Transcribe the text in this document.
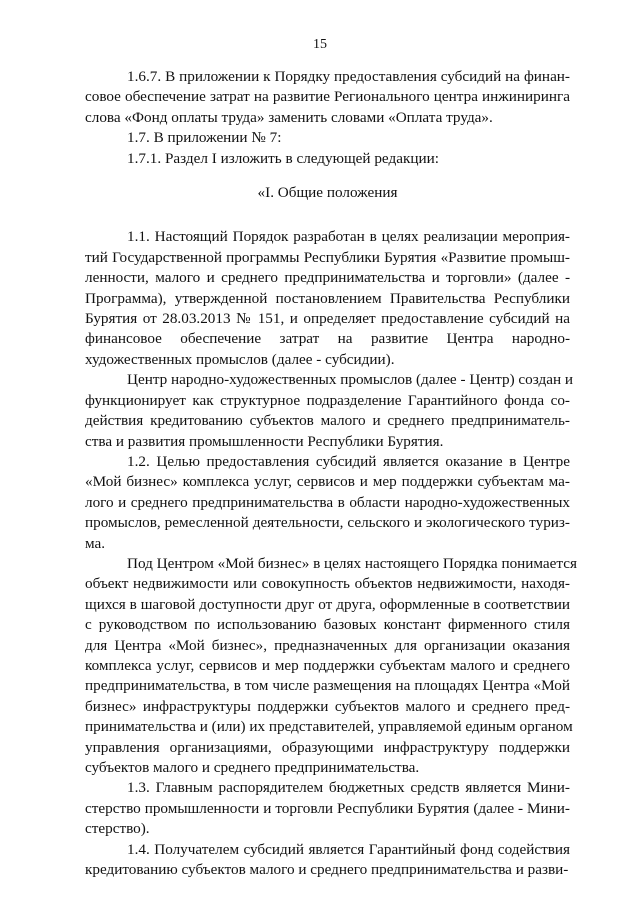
15
1.6.7. В приложении к Порядку предоставления субсидий на финан-
совое обеспечение затрат на развитие Регионального центра инжиниринга
слова «Фонд оплаты труда» заменить словами «Оплата труда».
1.7. В приложении № 7:
1.7.1. Раздел I изложить в следующей редакции:
«I. Общие положения
1.1. Настоящий Порядок разработан в целях реализации мероприя-
тий Государственной программы Республики Бурятия «Развитие промыш-
ленности, малого и среднего предпринимательства и торговли» (далее -
Программа), утвержденной постановлением Правительства Республики
Бурятия от 28.03.2013 № 151, и определяет предоставление субсидий на
финансовое обеспечение затрат на развитие Центра народно-
художественных промыслов (далее - субсидии).
Центр народно-художественных промыслов (далее - Центр) создан и
функционирует как структурное подразделение Гарантийного фонда со-
действия кредитованию субъектов малого и среднего предприниматель-
ства и развития промышленности Республики Бурятия.
1.2. Целью предоставления субсидий является оказание в Центре
«Мой бизнес» комплекса услуг, сервисов и мер поддержки субъектам ма-
лого и среднего предпринимательства в области народно-художественных
промыслов, ремесленной деятельности, сельского и экологического туриз-
ма.
Под Центром «Мой бизнес» в целях настоящего Порядка понимается
объект недвижимости или совокупность объектов недвижимости, находя-
щихся в шаговой доступности друг от друга, оформленные в соответствии
с руководством по использованию базовых констант фирменного стиля
для Центра «Мой бизнес», предназначенных для организации оказания
комплекса услуг, сервисов и мер поддержки субъектам малого и среднего
предпринимательства, в том числе размещения на площадях Центра «Мой
бизнес» инфраструктуры поддержки субъектов малого и среднего пред-
принимательства и (или) их представителей, управляемой единым органом
управления организациями, образующими инфраструктуру поддержки
субъектов малого и среднего предпринимательства.
1.3. Главным распорядителем бюджетных средств является Мини-
стерство промышленности и торговли Республики Бурятия (далее - Мини-
стерство).
1.4. Получателем субсидий является Гарантийный фонд содействия
кредитованию субъектов малого и среднего предпринимательства и разви-
